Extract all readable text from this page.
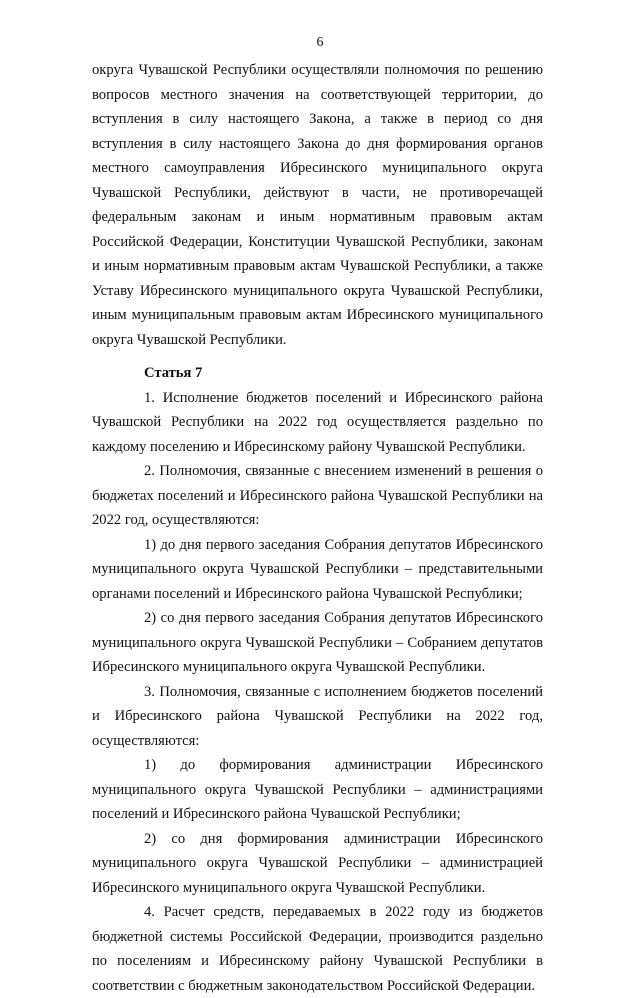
6

округа Чувашской Республики осуществляли полномочия по решению вопросов местного значения на соответствующей территории, до вступления в силу настоящего Закона, а также в период со дня вступления в силу настоящего Закона до дня формирования органов местного самоуправления Ибресинского муниципального округа Чувашской Республики, действуют в части, не противоречащей федеральным законам и иным нормативным правовым актам Российской Федерации, Конституции Чувашской Республики, законам и иным нормативным правовым актам Чувашской Республики, а также Уставу Ибресинского муниципального округа Чувашской Республики, иным муниципальным правовым актам Ибресинского муниципального округа Чувашской Республики.

Статья 7

1. Исполнение бюджетов поселений и Ибресинского района Чувашской Республики на 2022 год осуществляется раздельно по каждому поселению и Ибресинскому району Чувашской Республики.

2. Полномочия, связанные с внесением изменений в решения о бюджетах поселений и Ибресинского района Чувашской Республики на 2022 год, осуществляются:

1) до дня первого заседания Собрания депутатов Ибресинского муниципального округа Чувашской Республики – представительными органами поселений и Ибресинского района Чувашской Республики;

2) со дня первого заседания Собрания депутатов Ибресинского муниципального округа Чувашской Республики – Собранием депутатов Ибресинского муниципального округа Чувашской Республики.

3. Полномочия, связанные с исполнением бюджетов поселений и Ибресинского района Чувашской Республики на 2022 год, осуществляются:

1) до формирования администрации Ибресинского муниципального округа Чувашской Республики – администрациями поселений и Ибресинского района Чувашской Республики;

2) со дня формирования администрации Ибресинского муниципального округа Чувашской Республики – администрацией Ибресинского муниципального округа Чувашской Республики.

4. Расчет средств, передаваемых в 2022 году из бюджетов бюджетной системы Российской Федерации, производится раздельно по поселениям и Ибресинскому району Чувашской Республики в соответствии с бюджетным законодательством Российской Федерации.
